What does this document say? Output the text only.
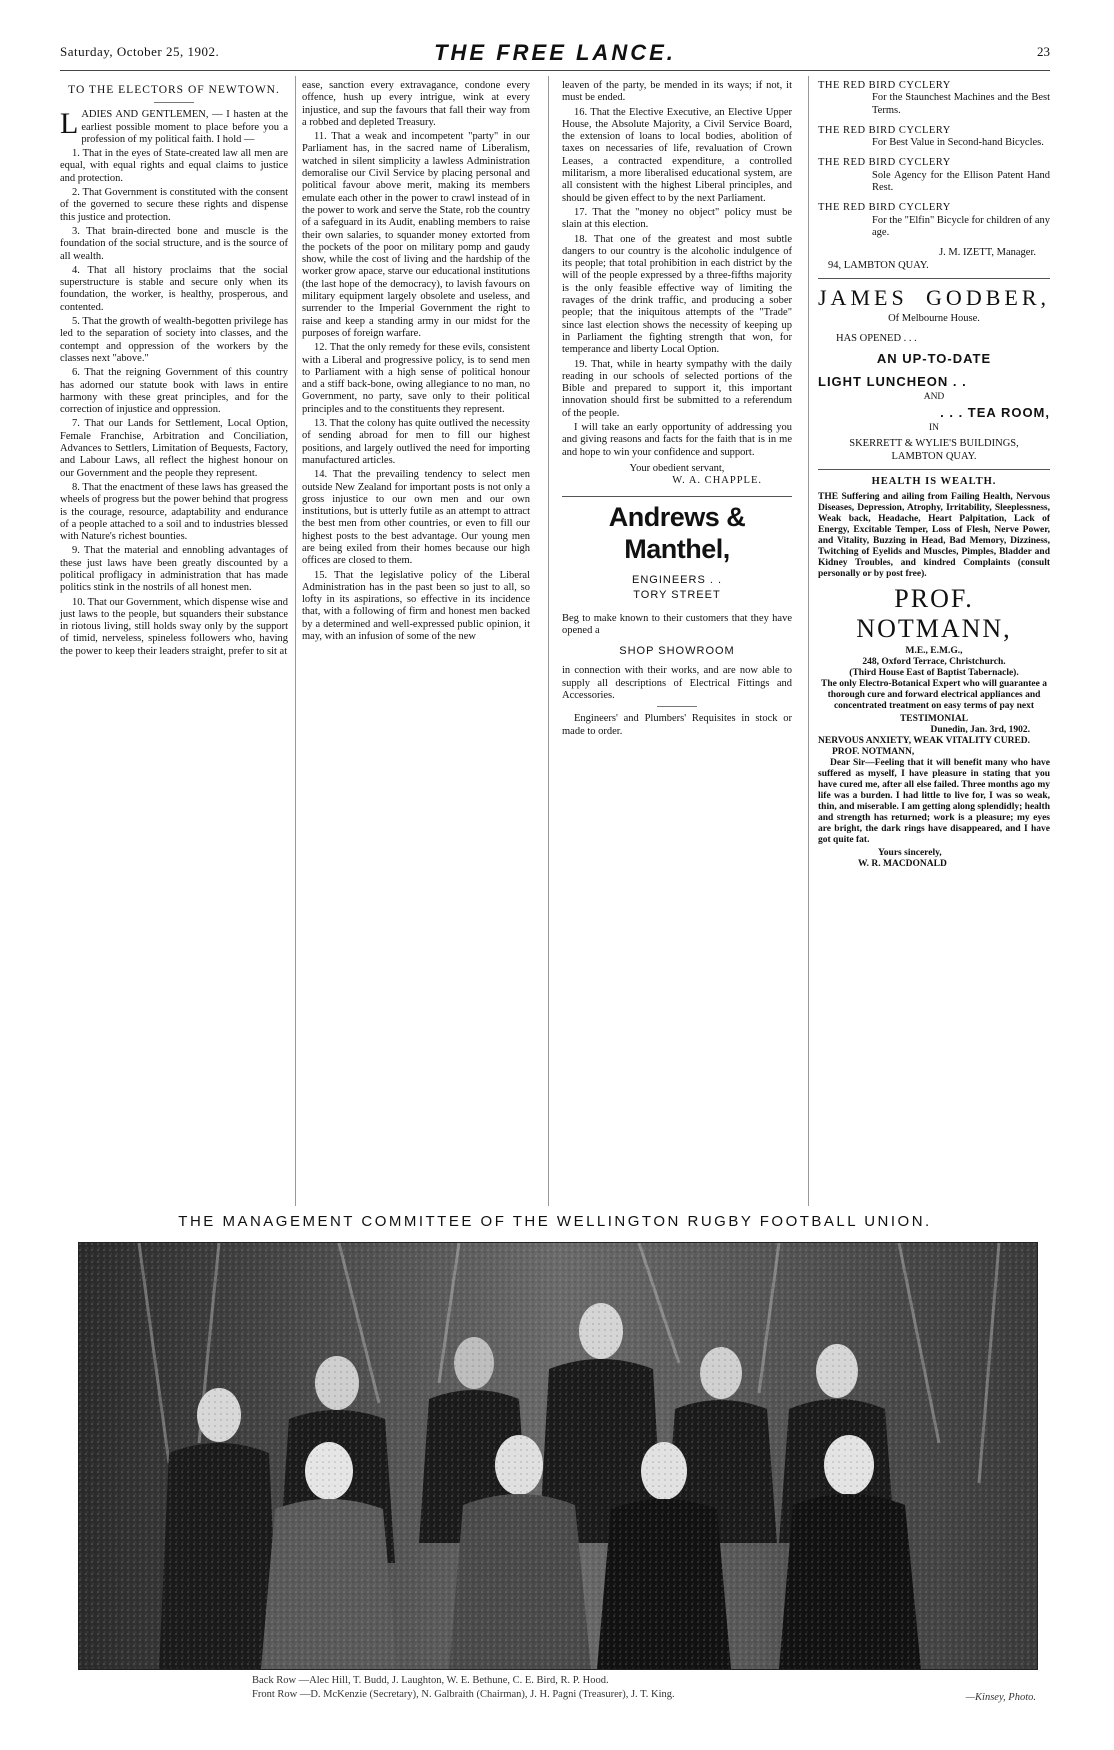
Saturday, October 25, 1902.	THE FREE LANCE.	23
TO THE ELECTORS OF NEWTOWN.

LADIES AND GENTLEMEN, — I hasten at the earliest possible moment to place before you a profession of my political faith. I hold —

1. That in the eyes of State-created law all men are equal, with equal rights and equal claims to justice and protection.

2. That Government is constituted with the consent of the governed to secure these rights and dispense this justice and protection.

3. That brain-directed bone and muscle is the foundation of the social structure, and is the source of all wealth.

4. That all history proclaims that the social superstructure is stable and secure only when its foundation, the worker, is healthy, prosperous, and contented.

5. That the growth of wealth-begotten privilege has led to the separation of society into classes, and the contempt and oppression of the workers by the classes next "above."

6. That the reigning Government of this country has adorned our statute book with laws in entire harmony with these great principles, and for the correction of injustice and oppression.

7. That our Lands for Settlement, Local Option, Female Franchise, Arbitration and Conciliation, Advances to Settlers, Limitation of Bequests, Factory, and Labour Laws, all reflect the highest honour on our Government and the people they represent.

8. That the enactment of these laws has greased the wheels of progress but the power behind that progress is the courage, resource, adaptability and endurance of a people attached to a soil and to industries blessed with Nature's richest bounties.

9. That the material and ennobling advantages of these just laws have been greatly discounted by a political profligacy in administration that has made politics stink in the nostrils of all honest men.

10. That our Government, which dispense wise and just laws to the people, but squanders their substance in riotous living, still holds sway only by the support of timid, nerveless, spineless followers who, having the power to keep their leaders straight, prefer to sit at

ease, sanction every extravagance, condone every offence, hush up every intrigue, wink at every injustice, and sup the favours that fall their way from a robbed and depleted Treasury.

11. That a weak and incompetent "party" in our Parliament has, in the sacred name of Liberalism, watched in silent simplicity a lawless Administration demoralise our Civil Service by placing personal and political favour above merit, making its members emulate each other in the power to crawl instead of in the power to work and serve the State, rob the country of a safeguard in its Audit, enabling members to raise their own salaries, to squander money extorted from the pockets of the poor on military pomp and gaudy show, while the cost of living and the hardship of the worker grow apace, starve our educational institutions (the last hope of the democracy), to lavish favours on military equipment largely obsolete and useless, and surrender to the Imperial Government the right to raise and keep a standing army in our midst for the purposes of foreign warfare.

12. That the only remedy for these evils, consistent with a Liberal and progressive policy, is to send men to Parliament with a high sense of political honour and a stiff back-bone, owing allegiance to no man, no Government, no party, save only to their political principles and to the constituents they represent.

13. That the colony has quite outlived the necessity of sending abroad for men to fill our highest positions, and largely outlived the need for importing manufactured articles.

14. That the prevailing tendency to select men outside New Zealand for important posts is not only a gross injustice to our own men and our own institutions, but is utterly futile as an attempt to attract the best men from other countries, or even to fill our highest posts to the best advantage. Our young men are being exiled from their homes because our high offices are closed to them.

15. That the legislative policy of the Liberal Administration has in the past been so just to all, so lofty in its aspirations, so effective in its incidence that, with a following of firm and honest men backed by a determined and well-expressed public opinion, it may, with an infusion of some of the new

leaven of the party, be mended in its ways; if not, it must be ended.

16. That the Elective Executive, an Elective Upper House, the Absolute Majority, a Civil Service Board, the extension of loans to local bodies, abolition of taxes on necessaries of life, revaluation of Crown Leases, a contracted expenditure, a controlled militarism, a more liberalised educational system, are all consistent with the highest Liberal principles, and should be given effect to by the next Parliament.

17. That the "money no object" policy must be slain at this election.

18. That one of the greatest and most subtle dangers to our country is the alcoholic indulgence of its people; that total prohibition in each district by the will of the people expressed by a three-fifths majority is the only feasible effective way of limiting the ravages of the drink traffic, and producing a sober people; that the iniquitous attempts of the "Trade" since last election shows the necessity of keeping up in Parliament the fighting strength that won, for temperance and liberty Local Option.

19. That, while in hearty sympathy with the daily reading in our schools of selected portions of the Bible and prepared to support it, this important innovation should first be submitted to a referendum of the people.

I will take an early opportunity of addressing you and giving reasons and facts for the faith that is in me and hope to win your confidence and support.

Your obedient servant,
W. A. CHAPPLE.
Andrews & Manthel,
ENGINEERS . .
TORY STREET

Beg to make known to their customers that they have opened a

SHOP SHOWROOM

in connection with their works, and are now able to supply all descriptions of Electrical Fittings and Accessories.

Engineers' and Plumbers' Requisites in stock or made to order.

THE RED BIRD CYCLERY
For the Staunchest Machines and the Best Terms.
THE RED BIRD CYCLERY
For Best Value in Second-hand Bicycles.
THE RED BIRD CYCLERY
Sole Agency for the Ellison Patent Hand Rest.
THE RED BIRD CYCLERY
For the "Elfin" Bicycle for children of any age.
J. M. IZETT, Manager.
94, LAMBTON QUAY.
JAMES GODBER,
Of Melbourne House.
HAS OPENED . . .
AN UP-TO-DATE
LIGHT LUNCHEON . .
AND
. . . TEA ROOM,
IN
SKERRETT & WYLIE'S BUILDINGS,
LAMBTON QUAY.
HEALTH IS WEALTH.

THE Suffering and ailing from Failing Health, Nervous Diseases, Depression, Atrophy, Irritability, Sleeplessness, Weak back, Headache, Heart Palpitation, Lack of Energy, Excitable Temper, Loss of Flesh, Nerve Power, and Vitality, Buzzing in Head, Bad Memory, Dizziness, Twitching of Eyelids and Muscles, Pimples, Bladder and Kidney Troubles, and kindred Complaints (consult personally or by post free).

PROF. NOTMANN,
M.E., E.M.G.,
248, Oxford Terrace, Christchurch.
(Third House East of Baptist Tabernacle).

The only Electro-Botanical Expert who will guarantee a thorough cure and forward electrical appliances and concentrated treatment on easy terms of pay next

TESTIMONIAL
Dunedin, Jan. 3rd, 1902.
NERVOUS ANXIETY, WEAK VITALITY CURED.
PROF. NOTMANN,

Dear Sir—Feeling that it will benefit many who have suffered as myself, I have pleasure in stating that you have cured me, after all else failed. Three months ago my life was a burden. I had little to live for, I was so weak, thin, and miserable. I am getting along splendidly; health and strength has returned; work is a pleasure; my eyes are bright, the dark rings have disappeared, and I have got quite fat.

Yours sincerely,
W. R. MACDONALD
THE MANAGEMENT COMMITTEE OF THE WELLINGTON RUGBY FOOTBALL UNION.
Back Row —Alec Hill, T. Budd, J. Laughton, W. E. Bethune, C. E. Bird, R. P. Hood.
Front Row —D. McKenzie (Secretary), N. Galbraith (Chairman), J. H. Pagni (Treasurer), J. T. King.	—Kinsey, Photo.
